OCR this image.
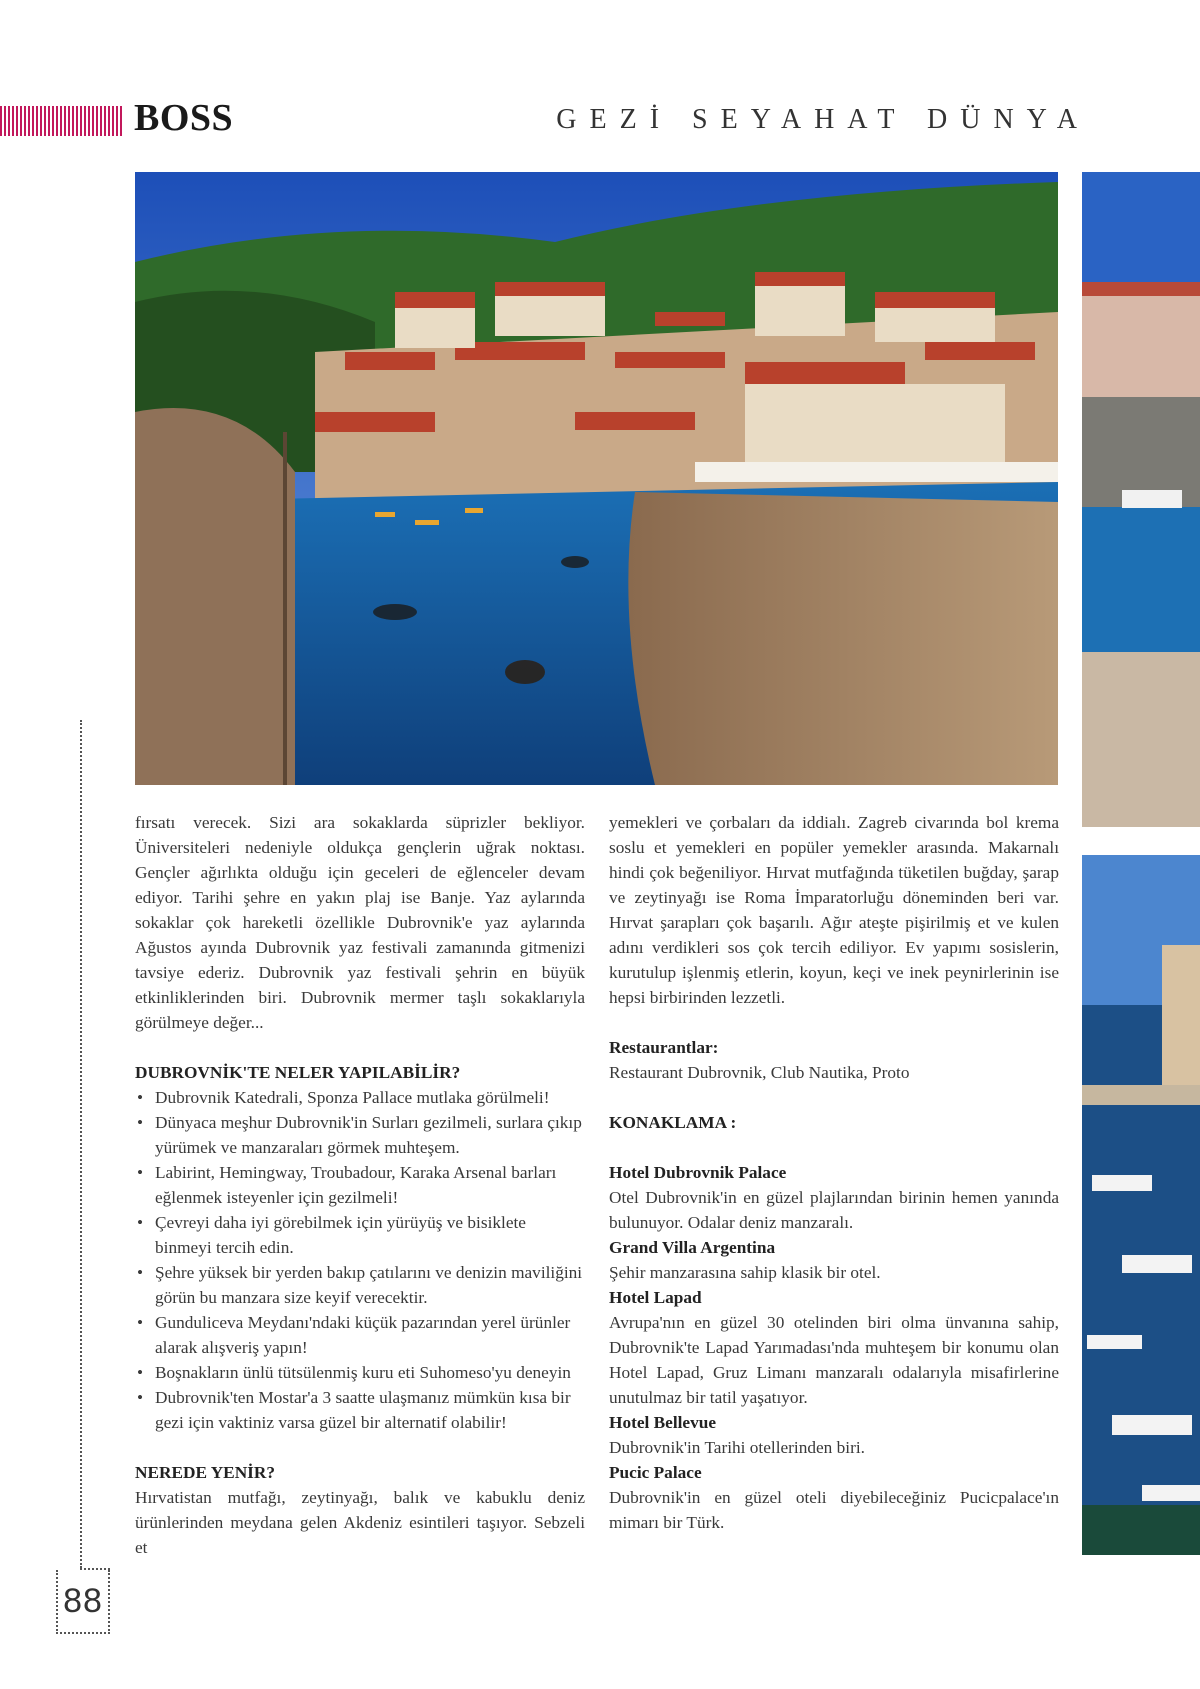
BOSS	GEZİ SEYAHAT DÜNYA

fırsatı verecek. Sizi ara sokaklarda süprizler bekliyor. Üniversiteleri nedeniyle oldukça gençlerin uğrak noktası. Gençler ağırlıkta olduğu için geceleri de eğlenceler devam ediyor. Tarihi şehre en yakın plaj ise Banje. Yaz aylarında sokaklar çok hareketli özellikle Dubrovnik'e yaz aylarında Ağustos ayında Dubrovnik yaz festivali zamanında gitmenizi tavsiye ederiz. Dubrovnik yaz festivali şehrin en büyük etkinliklerinden biri. Dubrovnik mermer taşlı sokaklarıyla görülmeye değer...

DUBROVNİK'TE NELER YAPILABİLİR?

• Dubrovnik Katedrali, Sponza Pallace mutlaka görülmeli!
• Dünyaca meşhur Dubrovnik'in Surları gezilmeli, surlara çıkıp yürümek ve manzaraları görmek muhteşem.
• Labirint, Hemingway, Troubadour, Karaka Arsenal barları eğlenmek isteyenler için gezilmeli!
• Çevreyi daha iyi görebilmek için yürüyüş ve bisiklete binmeyi tercih edin.
• Şehre yüksek bir yerden bakıp çatılarını ve denizin maviliğini görün bu manzara size keyif verecektir.
• Gunduliceva Meydanı'ndaki küçük pazarından yerel ürünler alarak alışveriş yapın!
• Boşnakların ünlü tütsülenmiş kuru eti Suhomeso'yu deneyin
• Dubrovnik'ten Mostar'a 3 saatte ulaşmanız mümkün kısa bir gezi için vaktiniz varsa güzel bir alternatif olabilir!

NEREDE YENİR?

Hırvatistan mutfağı, zeytinyağı, balık ve kabuklu deniz ürünlerinden meydana gelen Akdeniz esintileri taşıyor. Sebzeli et

yemekleri ve çorbaları da iddialı. Zagreb civarında bol krema soslu et yemekleri en popüler yemekler arasında. Makarnalı hindi çok beğeniliyor. Hırvat mutfağında tüketilen buğday, şarap ve zeytinyağı ise Roma İmparatorluğu döneminden beri var. Hırvat şarapları çok başarılı. Ağır ateşte pişirilmiş et ve kulen adını verdikleri sos çok tercih ediliyor. Ev yapımı sosislerin, kurutulup işlenmiş etlerin, koyun, keçi ve inek peynirlerinin ise hepsi birbirinden lezzetli.

Restaurantlar:

Restaurant Dubrovnik, Club Nautika, Proto

KONAKLAMA :

Hotel Dubrovnik Palace

Otel Dubrovnik'in en güzel plajlarından birinin hemen yanında bulunuyor. Odalar deniz manzaralı.

Grand Villa Argentina

Şehir manzarasına sahip klasik bir otel.

Hotel Lapad

Avrupa'nın en güzel 30 otelinden biri olma ünvanına sahip, Dubrovnik'te Lapad Yarımadası'nda muhteşem bir konumu olan Hotel Lapad, Gruz Limanı manzaralı odalarıyla misafirlerine unutulmaz bir tatil yaşatıyor.

Hotel Bellevue

Dubrovnik'in Tarihi otellerinden biri.

Pucic Palace

Dubrovnik'in en güzel oteli diyebileceğiniz Pucicpalace'ın mimarı bir Türk.

88
